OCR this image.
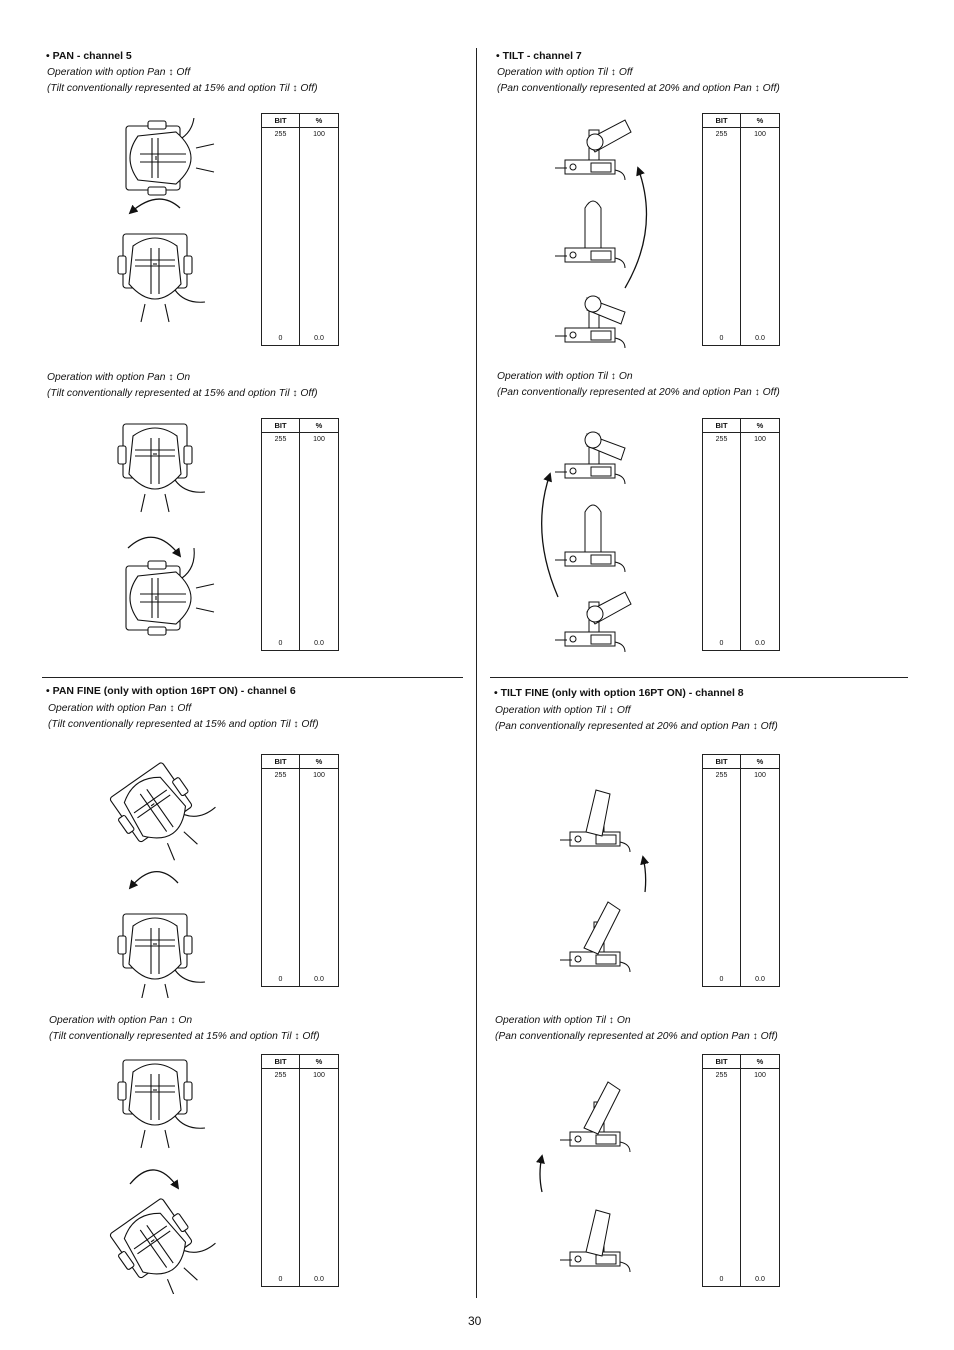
• PAN - channel 5
Operation with option Pan ↕ Off
(Tilt conventionally represented at 15% and option Til ↕ Off)
Operation with option Pan ↕ On
(Tilt conventionally represented at 15% and option Til ↕ Off)
• TILT - channel 7
Operation with option Til ↕ Off
(Pan conventionally represented at 20% and option Pan ↕ Off)
Operation with option Til ↕ On
(Pan conventionally represented at 20% and option Pan ↕ Off)
• PAN FINE (only with option 16PT ON) - channel 6
Operation with option Pan ↕ Off
(Tilt conventionally represented at 15% and option Til ↕ Off)
Operation with option Pan ↕ On
(Tilt conventionally represented at 15% and option Til ↕ Off)
• TILT FINE (only with option 16PT ON) - channel 8
Operation with option Til ↕ Off
(Pan conventionally represented at 20% and option Pan ↕ Off)
Operation with option Til ↕ On
(Pan conventionally represented at 20% and option Pan ↕ Off)
BIT	%
255	100
0	0.0
BIT	%
255	100
0	0.0
BIT	%
255	100
0	0.0
BIT	%
255	100
0	0.0
BIT	%
255	100
0	0.0
BIT	%
255	100
0	0.0
BIT	%
255	100
0	0.0
BIT	%
255	100
0	0.0
30
